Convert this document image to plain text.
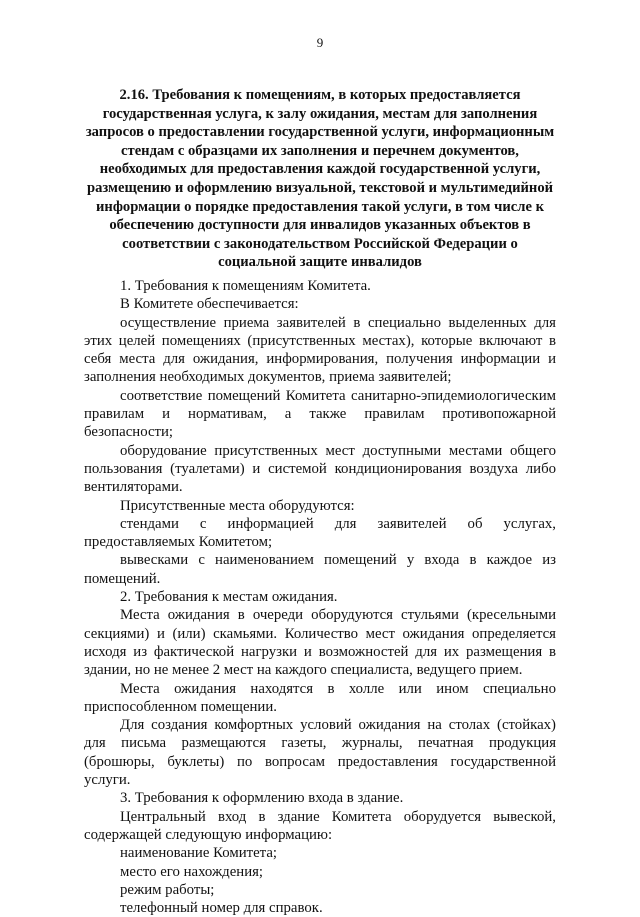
9
2.16. Требования к помещениям, в которых предоставляется государственная услуга, к залу ожидания, местам для заполнения запросов о предоставлении государственной услуги, информационным стендам с образцами их заполнения и перечнем документов, необходимых для предоставления каждой государственной услуги, размещению и оформлению визуальной, текстовой и мультимедийной информации о порядке предоставления такой услуги, в том числе к обеспечению доступности для инвалидов указанных объектов в соответствии с законодательством Российской Федерации о социальной защите инвалидов

1. Требования к помещениям Комитета.

В Комитете обеспечивается:

осуществление приема заявителей в специально выделенных для этих целей помещениях (присутственных местах), которые включают в себя места для ожидания, информирования, получения информации и заполнения необходимых документов, приема заявителей;

соответствие помещений Комитета санитарно-эпидемиологическим правилам и нормативам, а также правилам противопожарной безопасности;

оборудование присутственных мест доступными местами общего пользования (туалетами) и системой кондиционирования воздуха либо вентиляторами.

Присутственные места оборудуются:

стендами с информацией для заявителей об услугах, предоставляемых Комитетом;

вывесками с наименованием помещений у входа в каждое из помещений.

2. Требования к местам ожидания.

Места ожидания в очереди оборудуются стульями (кресельными секциями) и (или) скамьями. Количество мест ожидания определяется исходя из фактической нагрузки и возможностей для их размещения в здании, но не менее 2 мест на каждого специалиста, ведущего прием.

Места ожидания находятся в холле или ином специально приспособленном помещении.

Для создания комфортных условий ожидания на столах (стойках) для письма размещаются газеты, журналы, печатная продукция (брошюры, буклеты) по вопросам предоставления государственной услуги.

3. Требования к оформлению входа в здание.

Центральный вход в здание Комитета оборудуется вывеской, содержащей следующую информацию:

наименование Комитета;

место его нахождения;

режим работы;

телефонный номер для справок.
